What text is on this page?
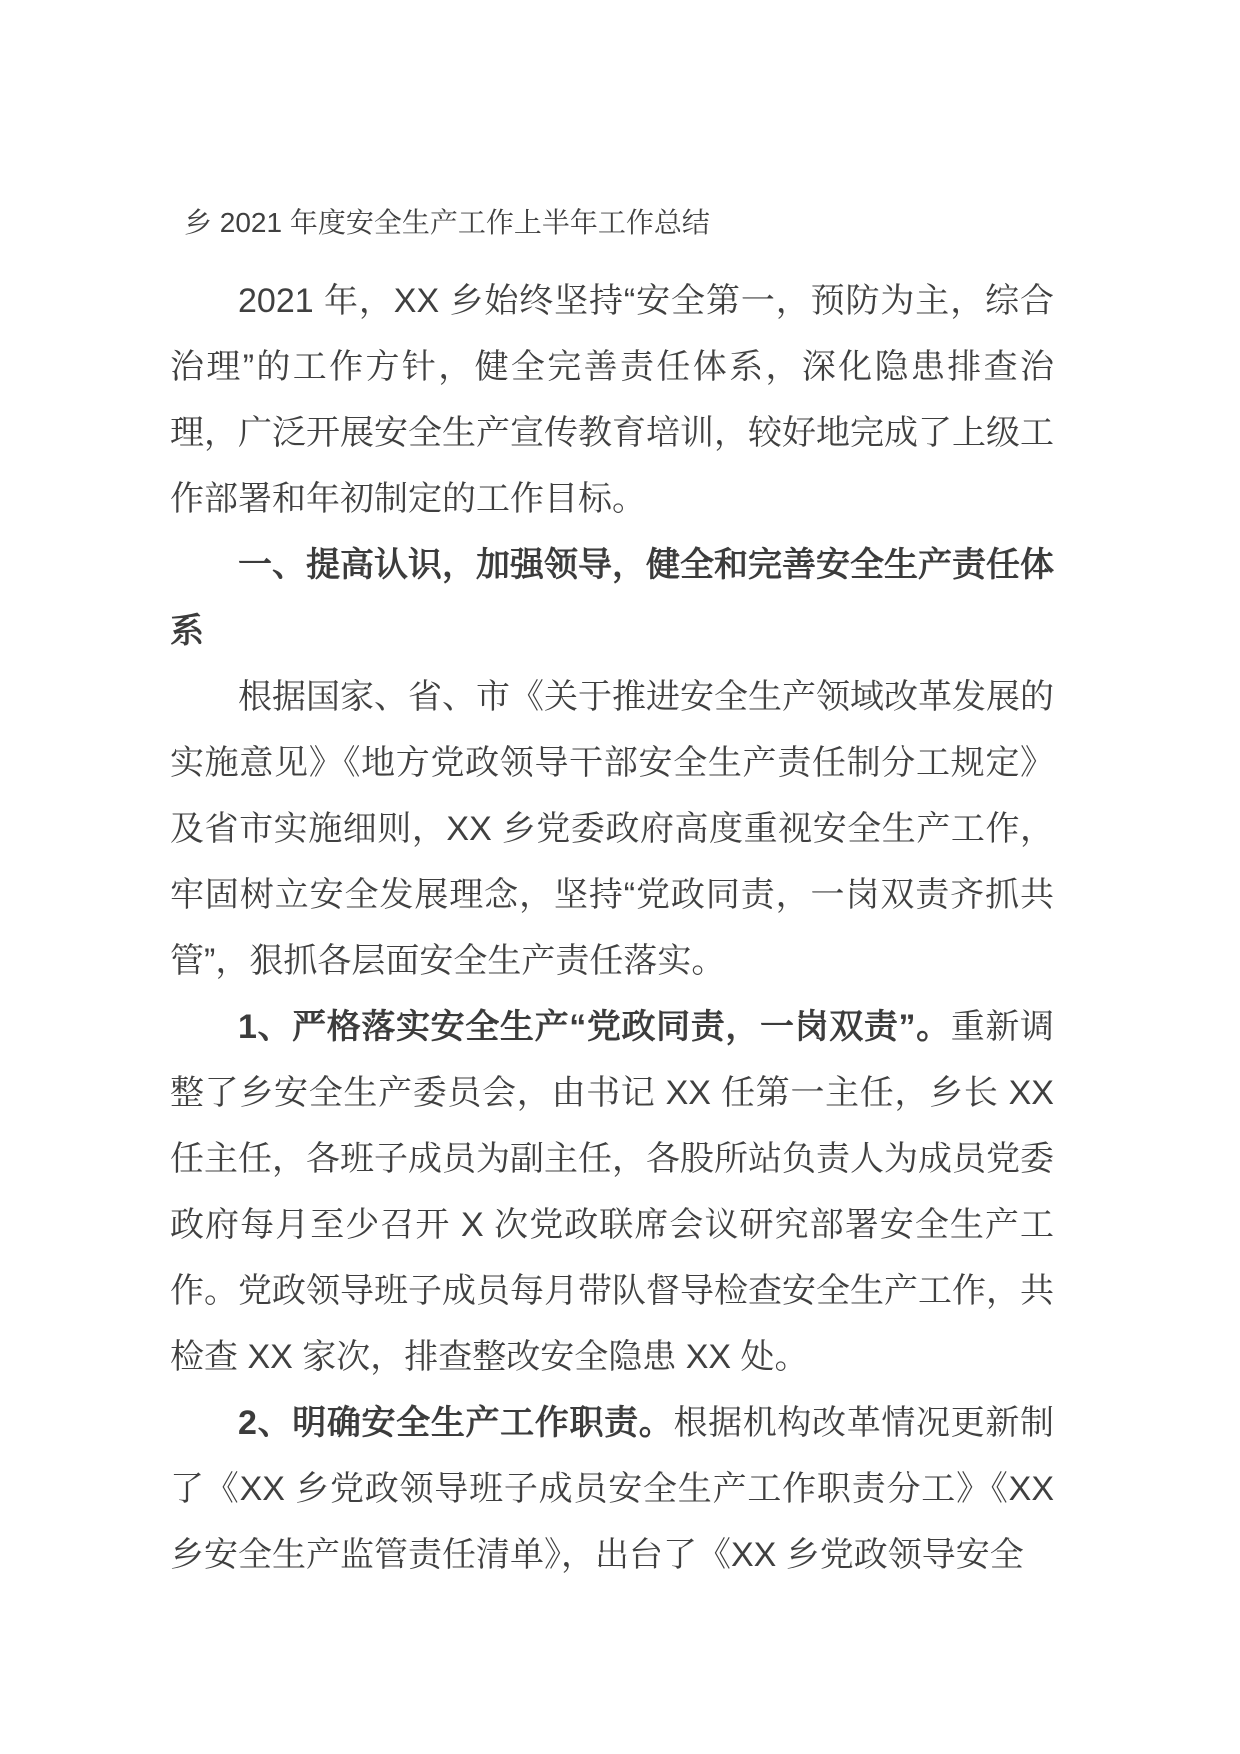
乡 2021 年度安全生产工作上半年工作总结

2021 年，XX 乡始终坚持“安全第一，预防为主，综合治理”的工作方针，健全完善责任体系，深化隐患排查治理，广泛开展安全生产宣传教育培训，较好地完成了上级工作部署和年初制定的工作目标。

一、提高认识，加强领导，健全和完善安全生产责任体系

根据国家、省、市《关于推进安全生产领域改革发展的实施意见》《地方党政领导干部安全生产责任制分工规定》及省市实施细则，XX 乡党委政府高度重视安全生产工作，牢固树立安全发展理念，坚持“党政同责，一岗双责齐抓共管”，狠抓各层面安全生产责任落实。

1、严格落实安全生产“党政同责，一岗双责”。重新调整了乡安全生产委员会，由书记 XX 任第一主任，乡长 XX 任主任，各班子成员为副主任，各股所站负责人为成员党委政府每月至少召开 X 次党政联席会议研究部署安全生产工作。党政领导班子成员每月带队督导检查安全生产工作，共检查 XX 家次，排查整改安全隐患 XX 处。

2、明确安全生产工作职责。根据机构改革情况更新制了《XX 乡党政领导班子成员安全生产工作职责分工》《XX 乡安全生产监管责任清单》，出台了《XX 乡党政领导安全
